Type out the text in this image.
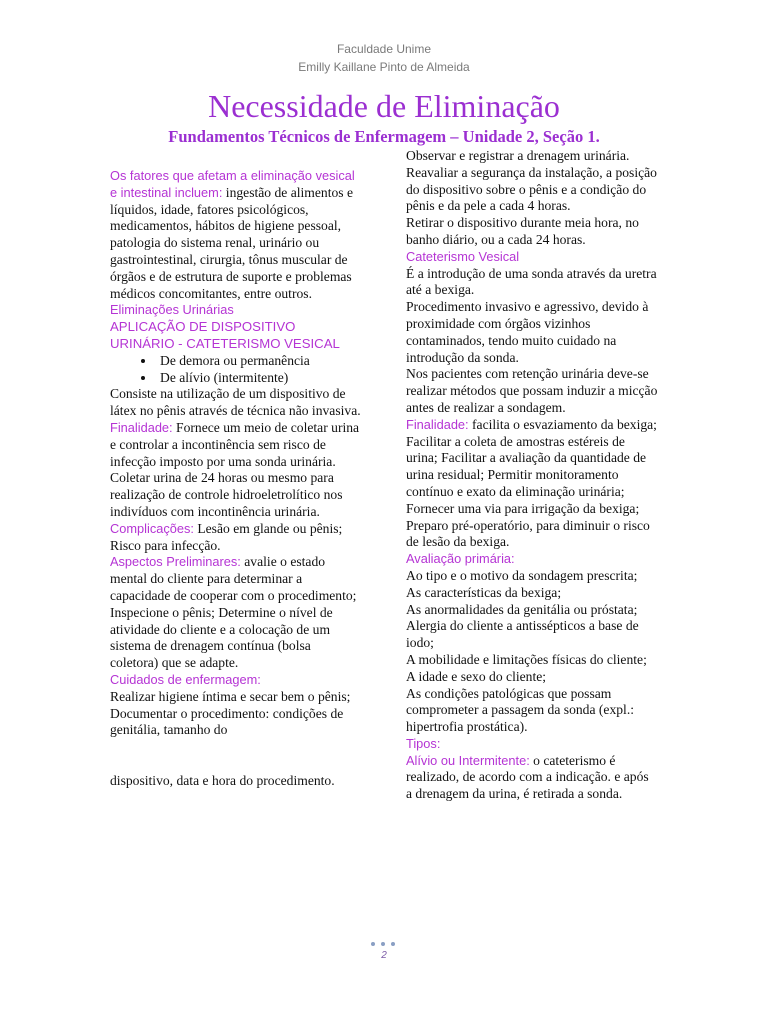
Faculdade Unime
Emilly Kaillane Pinto de Almeida
Necessidade de Eliminação
Fundamentos Técnicos de Enfermagem – Unidade 2, Seção 1.

Os fatores que afetam a eliminação vesical e intestinal incluem: ingestão de alimentos e líquidos, idade, fatores psicológicos, medicamentos, hábitos de higiene pessoal, patologia do sistema renal, urinário ou gastrointestinal, cirurgia, tônus muscular de órgãos e de estrutura de suporte e problemas médicos concomitantes, entre outros.

Eliminações Urinárias

APLICAÇÃO DE DISPOSITIVO URINÁRIO - CATETERISMO VESICAL

• De demora ou permanência
• De alívio (intermitente)

Consiste na utilização de um dispositivo de látex no pênis através de técnica não invasiva.

Finalidade: Fornece um meio de coletar urina e controlar a incontinência sem risco de infecção imposto por uma sonda urinária.

Coletar urina de 24 horas ou mesmo para realização de controle hidroeletrolítico nos indivíduos com incontinência urinária.

Complicações: Lesão em glande ou pênis; Risco para infecção.

Aspectos Preliminares: avalie o estado mental do cliente para determinar a capacidade de cooperar com o procedimento; Inspecione o pênis; Determine o nível de atividade do cliente e a colocação de um sistema de drenagem contínua (bolsa coletora) que se adapte.

Cuidados de enfermagem:

Realizar higiene íntima e secar bem o pênis; Documentar o procedimento: condições de genitália, tamanho do

dispositivo, data e hora do procedimento.

Observar e registrar a drenagem urinária.

Reavaliar a segurança da instalação, a posição do dispositivo sobre o pênis e a condição do pênis e da pele a cada 4 horas.

Retirar o dispositivo durante meia hora, no banho diário, ou a cada 24 horas.

Cateterismo Vesical

É a introdução de uma sonda através da uretra até a bexiga.

Procedimento invasivo e agressivo, devido à proximidade com órgãos vizinhos contaminados, tendo muito cuidado na introdução da sonda.

Nos pacientes com retenção urinária deve-se realizar métodos que possam induzir a micção antes de realizar a sondagem.

Finalidade: facilita o esvaziamento da bexiga; Facilitar a coleta de amostras estéreis de urina; Facilitar a avaliação da quantidade de urina residual; Permitir monitoramento contínuo e exato da eliminação urinária; Fornecer uma via para irrigação da bexiga; Preparo pré-operatório, para diminuir o risco de lesão da bexiga.

Avaliação primária:

Ao tipo e o motivo da sondagem prescrita;

As características da bexiga;

As anormalidades da genitália ou próstata;

Alergia do cliente a antissépticos a base de iodo;

A mobilidade e limitações físicas do cliente;

A idade e sexo do cliente;

As condições patológicas que possam comprometer a passagem da sonda (expl.: hipertrofia prostática).

Tipos:

Alívio ou Intermitente: o cateterismo é realizado, de acordo com a indicação. e após a drenagem da urina, é retirada a sonda.

2
